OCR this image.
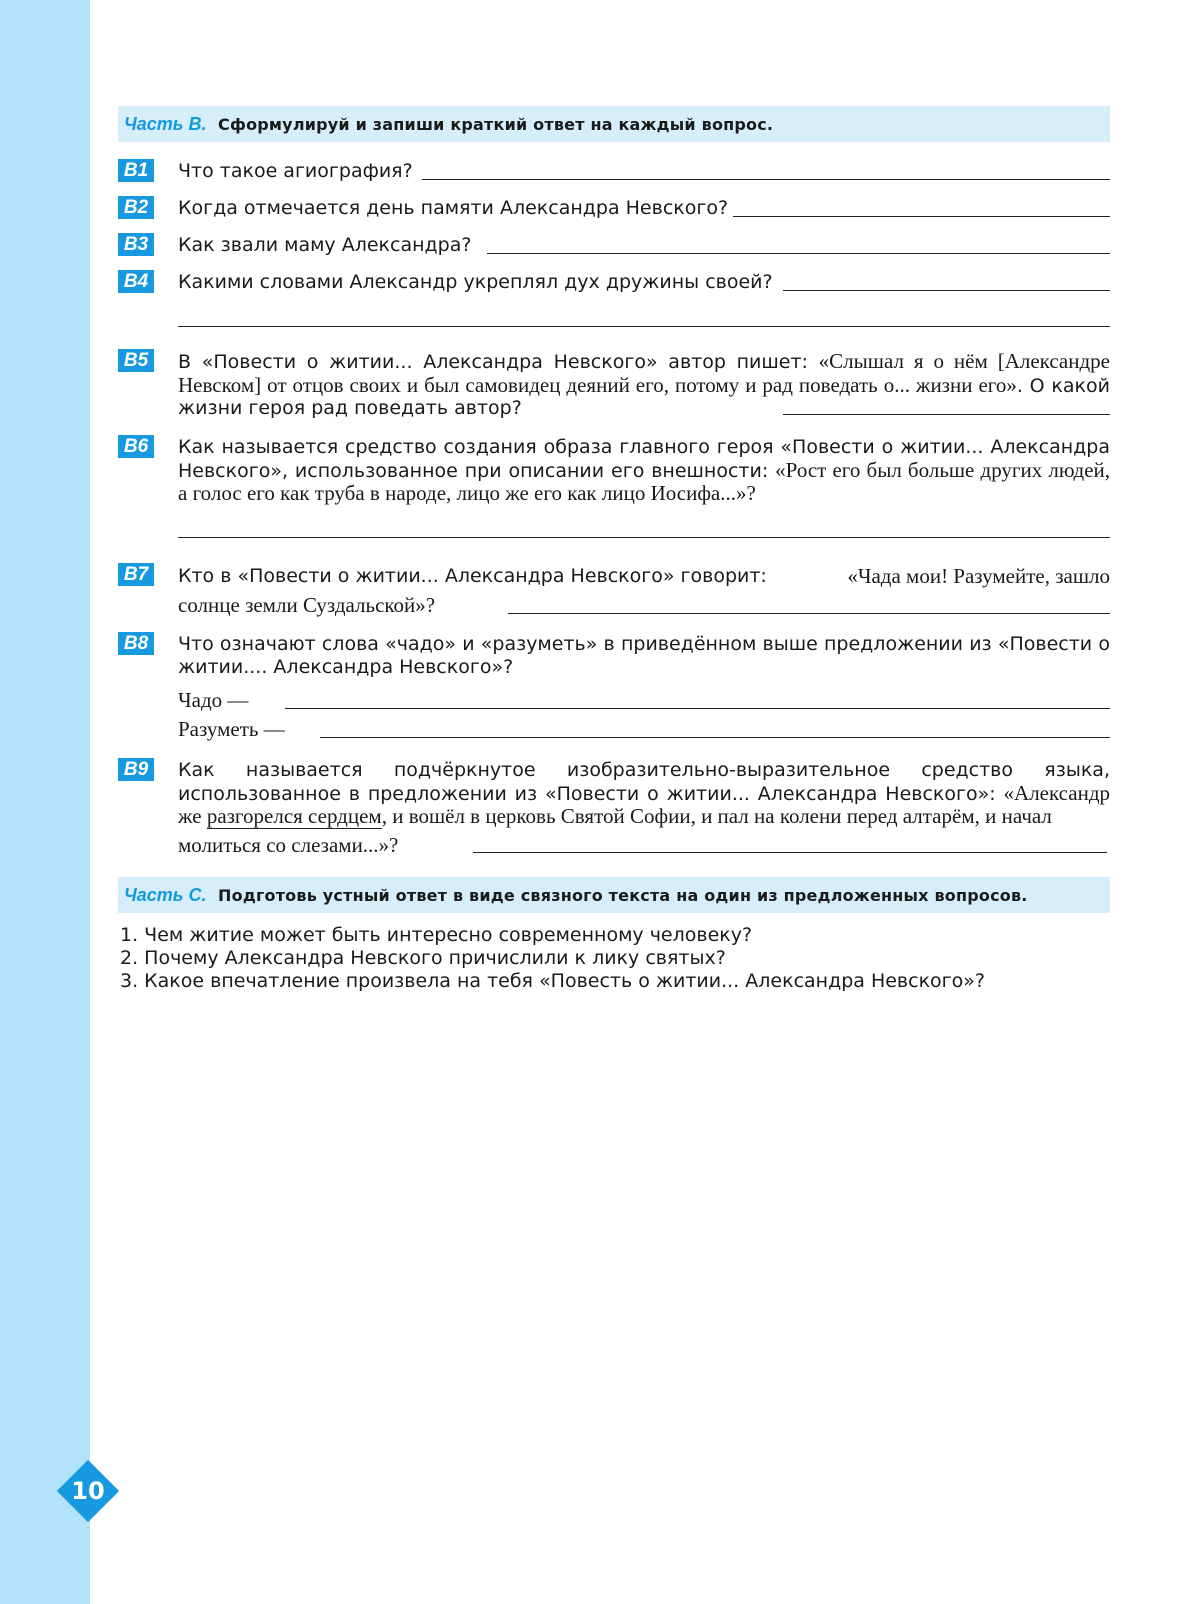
Часть В. Сформулируй и запиши краткий ответ на каждый вопрос.
В1	Что такое агиография?
В2	Когда отмечается день памяти Александра Невского?
В3	Как звали маму Александра?
В4	Какими словами Александр укреплял дух дружины своей?
В5	В «Повести о житии... Александра Невского» автор пишет: «Слышал я о нём [Александре Невском] от отцов своих и был самовидец деяний его, потому и рад поведать о... жизни его». О какой жизни героя рад поведать автор?
В6	Как называется средство создания образа главного героя «Повести о житии... Александра Невского», использованное при описании его внешности: «Рост его был больше других людей, а голос его как труба в народе, лицо же его как лицо Иосифа...»?
В7	Кто в «Повести о житии... Александра Невского» говорит:	«Чада мои! Разумейте, зашло
солнце земли Суздальской»?
В8	Что означают слова «чадо» и «разуметь» в приведённом выше предложении из «Повести о житии.... Александра Невского»?
Чадо —
Разуметь —
В9	Как называется подчёркнутое изобразительно-выразительное средство языка, использованное в предложении из «Повести о житии... Александра Невского»: «Александр же разгорелся сердцем, и вошёл в церковь Святой Софии, и пал на колени перед алтарём, и начал
молиться со слезами...»?
Часть С. Подготовь устный ответ в виде связного текста на один из предложенных вопросов.
1. Чем житие может быть интересно современному человеку?
2. Почему Александра Невского причислили к лику святых?
3. Какое впечатление произвела на тебя «Повесть о житии... Александра Невского»?
10
